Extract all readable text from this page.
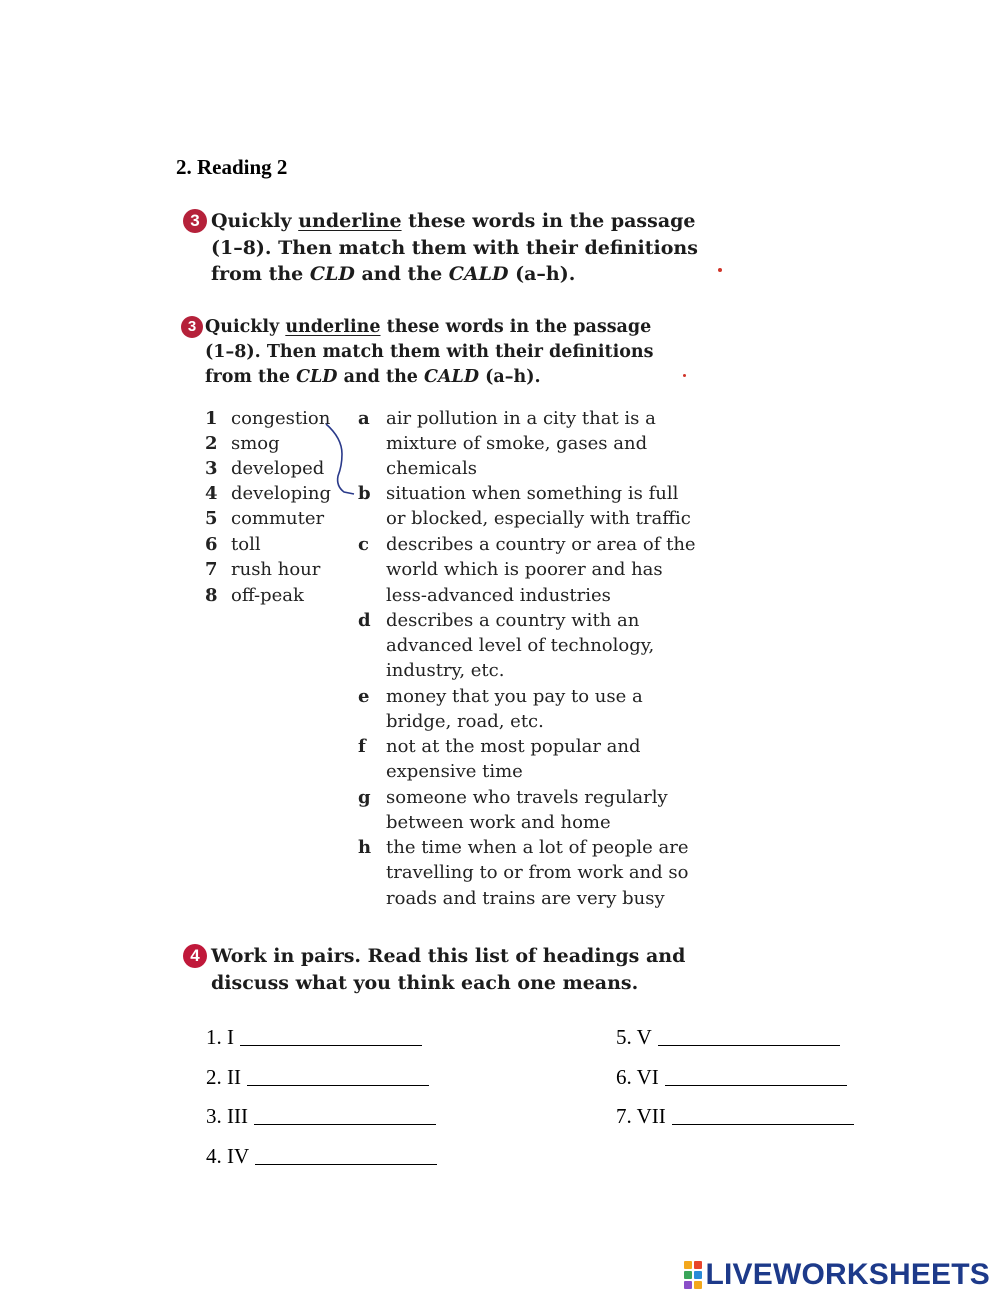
2. Reading 2
3 Quickly underline these words in the passage
(1–8). Then match them with their definitions
from the CLD and the CALD (a–h).
3 Quickly underline these words in the passage
(1–8). Then match them with their definitions
from the CLD and the CALD (a–h).
1 congestion
2 smog
3 developed
4 developing
5 commuter
6 toll
7 rush hour
8 off-peak
a air pollution in a city that is a
mixture of smoke, gases and
chemicals
b situation when something is full
or blocked, especially with traffic
c describes a country or area of the
world which is poorer and has
less-advanced industries
d describes a country with an
advanced level of technology,
industry, etc.
e money that you pay to use a
bridge, road, etc.
f not at the most popular and
expensive time
g someone who travels regularly
between work and home
h the time when a lot of people are
travelling to or from work and so
roads and trains are very busy
4 Work in pairs. Read this list of headings and
discuss what you think each one means.
1. I
2. II
3. III
4. IV
5. V
6. VI
7. VII
LIVEWORKSHEETS
